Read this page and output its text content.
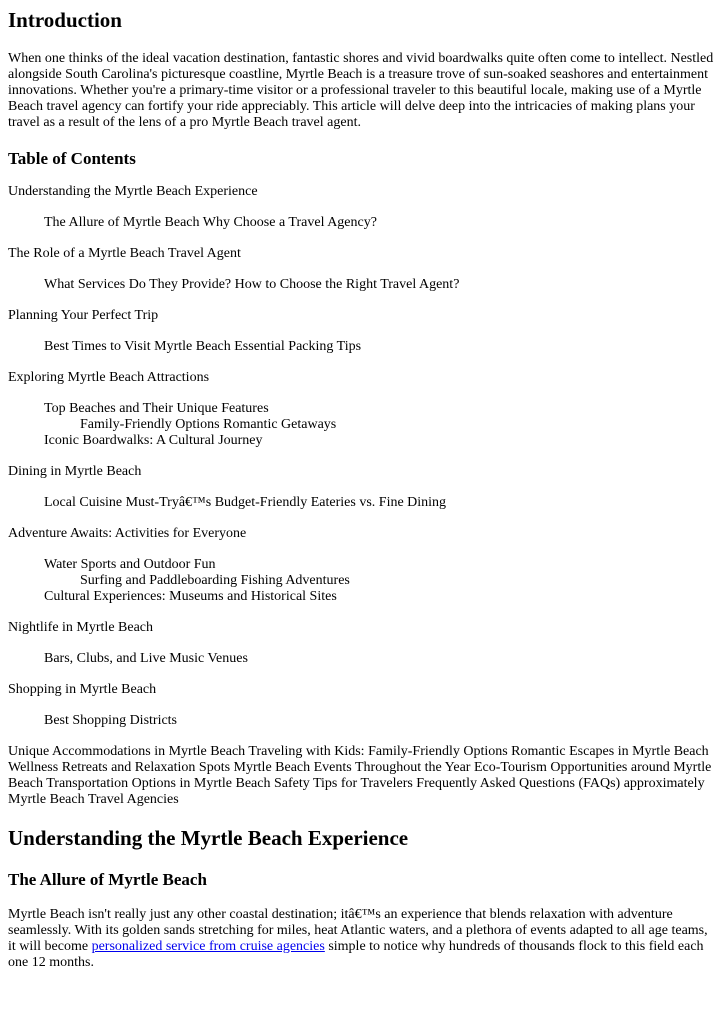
Introduction

When one thinks of the ideal vacation destination, fantastic shores and vivid boardwalks quite often come to intellect. Nestled alongside South Carolina's picturesque coastline, Myrtle Beach is a treasure trove of sun-soaked seashores and entertainment innovations. Whether you're a primary-time visitor or a professional traveler to this beautiful locale, making use of a Myrtle Beach travel agency can fortify your ride appreciably. This article will delve deep into the intricacies of making plans your travel as a result of the lens of a pro Myrtle Beach travel agent.

Table of Contents

Understanding the Myrtle Beach Experience

The Allure of Myrtle Beach Why Choose a Travel Agency?

The Role of a Myrtle Beach Travel Agent

What Services Do They Provide? How to Choose the Right Travel Agent?

Planning Your Perfect Trip

Best Times to Visit Myrtle Beach Essential Packing Tips

Exploring Myrtle Beach Attractions

Top Beaches and Their Unique Features

Family-Friendly Options Romantic Getaways

Iconic Boardwalks: A Cultural Journey

Dining in Myrtle Beach

Local Cuisine Must-Tryâ€™s Budget-Friendly Eateries vs. Fine Dining

Adventure Awaits: Activities for Everyone

Water Sports and Outdoor Fun

Surfing and Paddleboarding Fishing Adventures

Cultural Experiences: Museums and Historical Sites

Nightlife in Myrtle Beach

Bars, Clubs, and Live Music Venues

Shopping in Myrtle Beach

Best Shopping Districts

Unique Accommodations in Myrtle Beach Traveling with Kids: Family-Friendly Options Romantic Escapes in Myrtle Beach Wellness Retreats and Relaxation Spots Myrtle Beach Events Throughout the Year Eco-Tourism Opportunities around Myrtle Beach Transportation Options in Myrtle Beach Safety Tips for Travelers Frequently Asked Questions (FAQs) approximately Myrtle Beach Travel Agencies

Understanding the Myrtle Beach Experience
The Allure of Myrtle Beach

Myrtle Beach isn't really just any other coastal destination; itâ€™s an experience that blends relaxation with adventure seamlessly. With its golden sands stretching for miles, heat Atlantic waters, and a plethora of events adapted to all age teams, it will become personalized service from cruise agencies simple to notice why hundreds of thousands flock to this field each one 12 months.
